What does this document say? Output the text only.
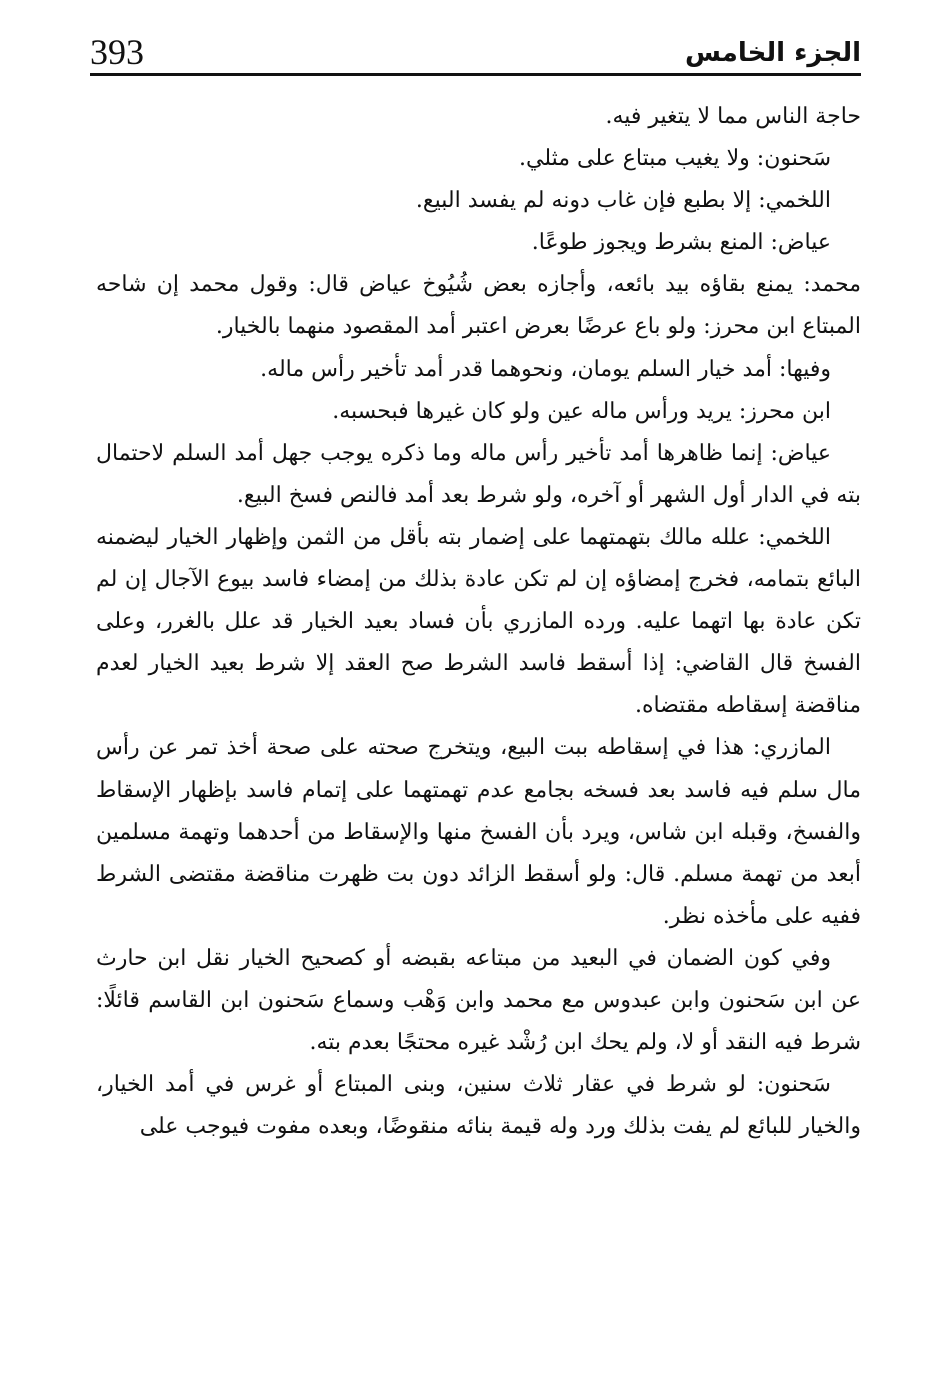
393	الجزء الخامس

حاجة الناس مما لا يتغير فيه.

سَحنون: ولا يغيب مبتاع على مثلي.

اللخمي: إلا بطبع فإن غاب دونه لم يفسد البيع.

عياض: المنع بشرط ويجوز طوعًا.

محمد: يمنع بقاؤه بيد بائعه، وأجازه بعض شُيُوخ عياض قال: وقول محمد إن شاحه المبتاع ابن محرز: ولو باع عرضًا بعرض اعتبر أمد المقصود منهما بالخيار.

وفيها: أمد خيار السلم يومان، ونحوهما قدر أمد تأخير رأس ماله.

ابن محرز: يريد ورأس ماله عين ولو كان غيرها فبحسبه.

عياض: إنما ظاهرها أمد تأخير رأس ماله وما ذكره يوجب جهل أمد السلم لاحتمال بته في الدار أول الشهر أو آخره، ولو شرط بعد أمد فالنص فسخ البيع.

اللخمي: علله مالك بتهمتهما على إضمار بته بأقل من الثمن وإظهار الخيار ليضمنه البائع بتمامه، فخرج إمضاؤه إن لم تكن عادة بذلك من إمضاء فاسد بيوع الآجال إن لم تكن عادة بها اتهما عليه. ورده المازري بأن فساد بعيد الخيار قد علل بالغرر، وعلى الفسخ قال القاضي: إذا أسقط فاسد الشرط صح العقد إلا شرط بعيد الخيار لعدم مناقضة إسقاطه مقتضاه.

المازري: هذا في إسقاطه ببت البيع، ويتخرج صحته على صحة أخذ تمر عن رأس مال سلم فيه فاسد بعد فسخه بجامع عدم تهمتهما على إتمام فاسد بإظهار الإسقاط والفسخ، وقبله ابن شاس، ويرد بأن الفسخ منها والإسقاط من أحدهما وتهمة مسلمين أبعد من تهمة مسلم. قال: ولو أسقط الزائد دون بت ظهرت مناقضة مقتضى الشرط ففيه على مأخذه نظر.

وفي كون الضمان في البعيد من مبتاعه بقبضه أو كصحيح الخيار نقل ابن حارث عن ابن سَحنون وابن عبدوس مع محمد وابن وَهْب وسماع سَحنون ابن القاسم قائلًا: شرط فيه النقد أو لا، ولم يحك ابن رُشْد غيره محتجًا بعدم بته.

سَحنون: لو شرط في عقار ثلاث سنين، وبنى المبتاع أو غرس في أمد الخيار، والخيار للبائع لم يفت بذلك ورد وله قيمة بنائه منقوضًا، وبعده مفوت فيوجب على
